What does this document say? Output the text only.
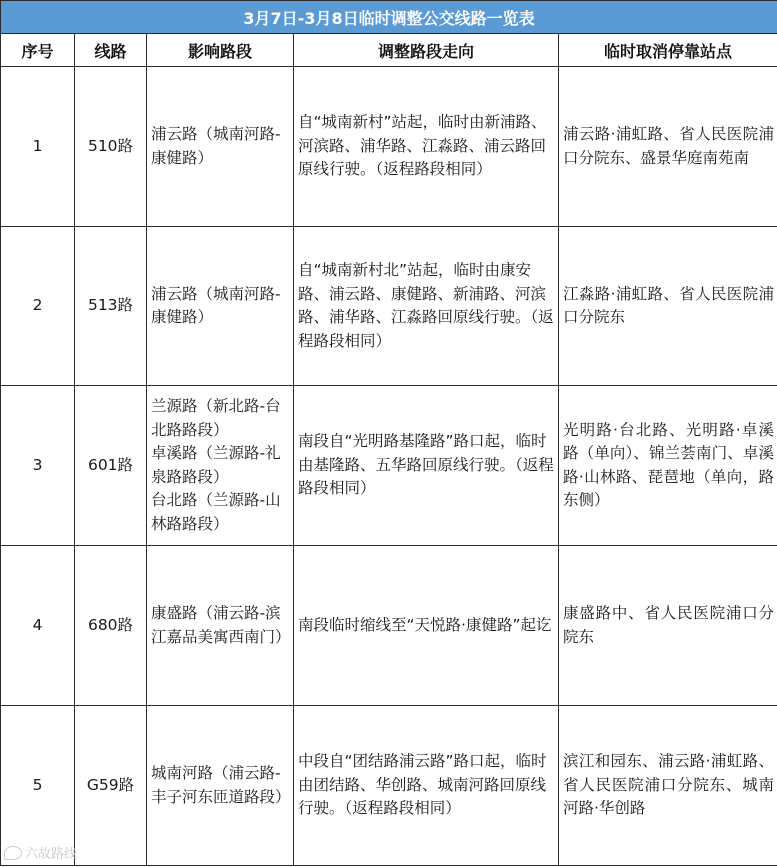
3月7日-3月8日临时调整公交线路一览表				
序号	线路	影响路段	调整路段走向	临时取消停靠站点
1	510路	浦云路（城南河路-康健路）	自“城南新村”站起，临时由新浦路、河滨路、浦华路、江淼路、浦云路回原线行驶。（返程路段相同）	浦云路·浦虹路、省人民医院浦口分院东、盛景华庭南苑南
2	513路	浦云路（城南河路-康健路）	自“城南新村北”站起，临时由康安路、浦云路、康健路、新浦路、河滨路、浦华路、江淼路回原线行驶。（返程路段相同）	江淼路·浦虹路、省人民医院浦口分院东
3	601路	兰源路（新北路-台北路路段）
卓溪路（兰源路-礼泉路路段）
台北路（兰源路-山林路路段）	南段自“光明路基隆路”路口起，临时由基隆路、五华路回原线行驶。（返程路段相同）	光明路·台北路、光明路·卓溪路（单向）、锦兰荟南门、卓溪路·山林路、琵琶地（单向，路东侧）
4	680路	康盛路（浦云路-滨江嘉品美寓西南门）	南段临时缩线至“天悦路·康健路”起讫	康盛路中、省人民医院浦口分院东
5	G59路	城南河路（浦云路-丰子河东匝道路段）	中段自“团结路浦云路”路口起，临时由团结路、华创路、城南河路回原线行驶。（返程路段相同）	滨江和园东、浦云路·浦虹路、省人民医院浦口分院东、城南河路·华创路
六故路线
